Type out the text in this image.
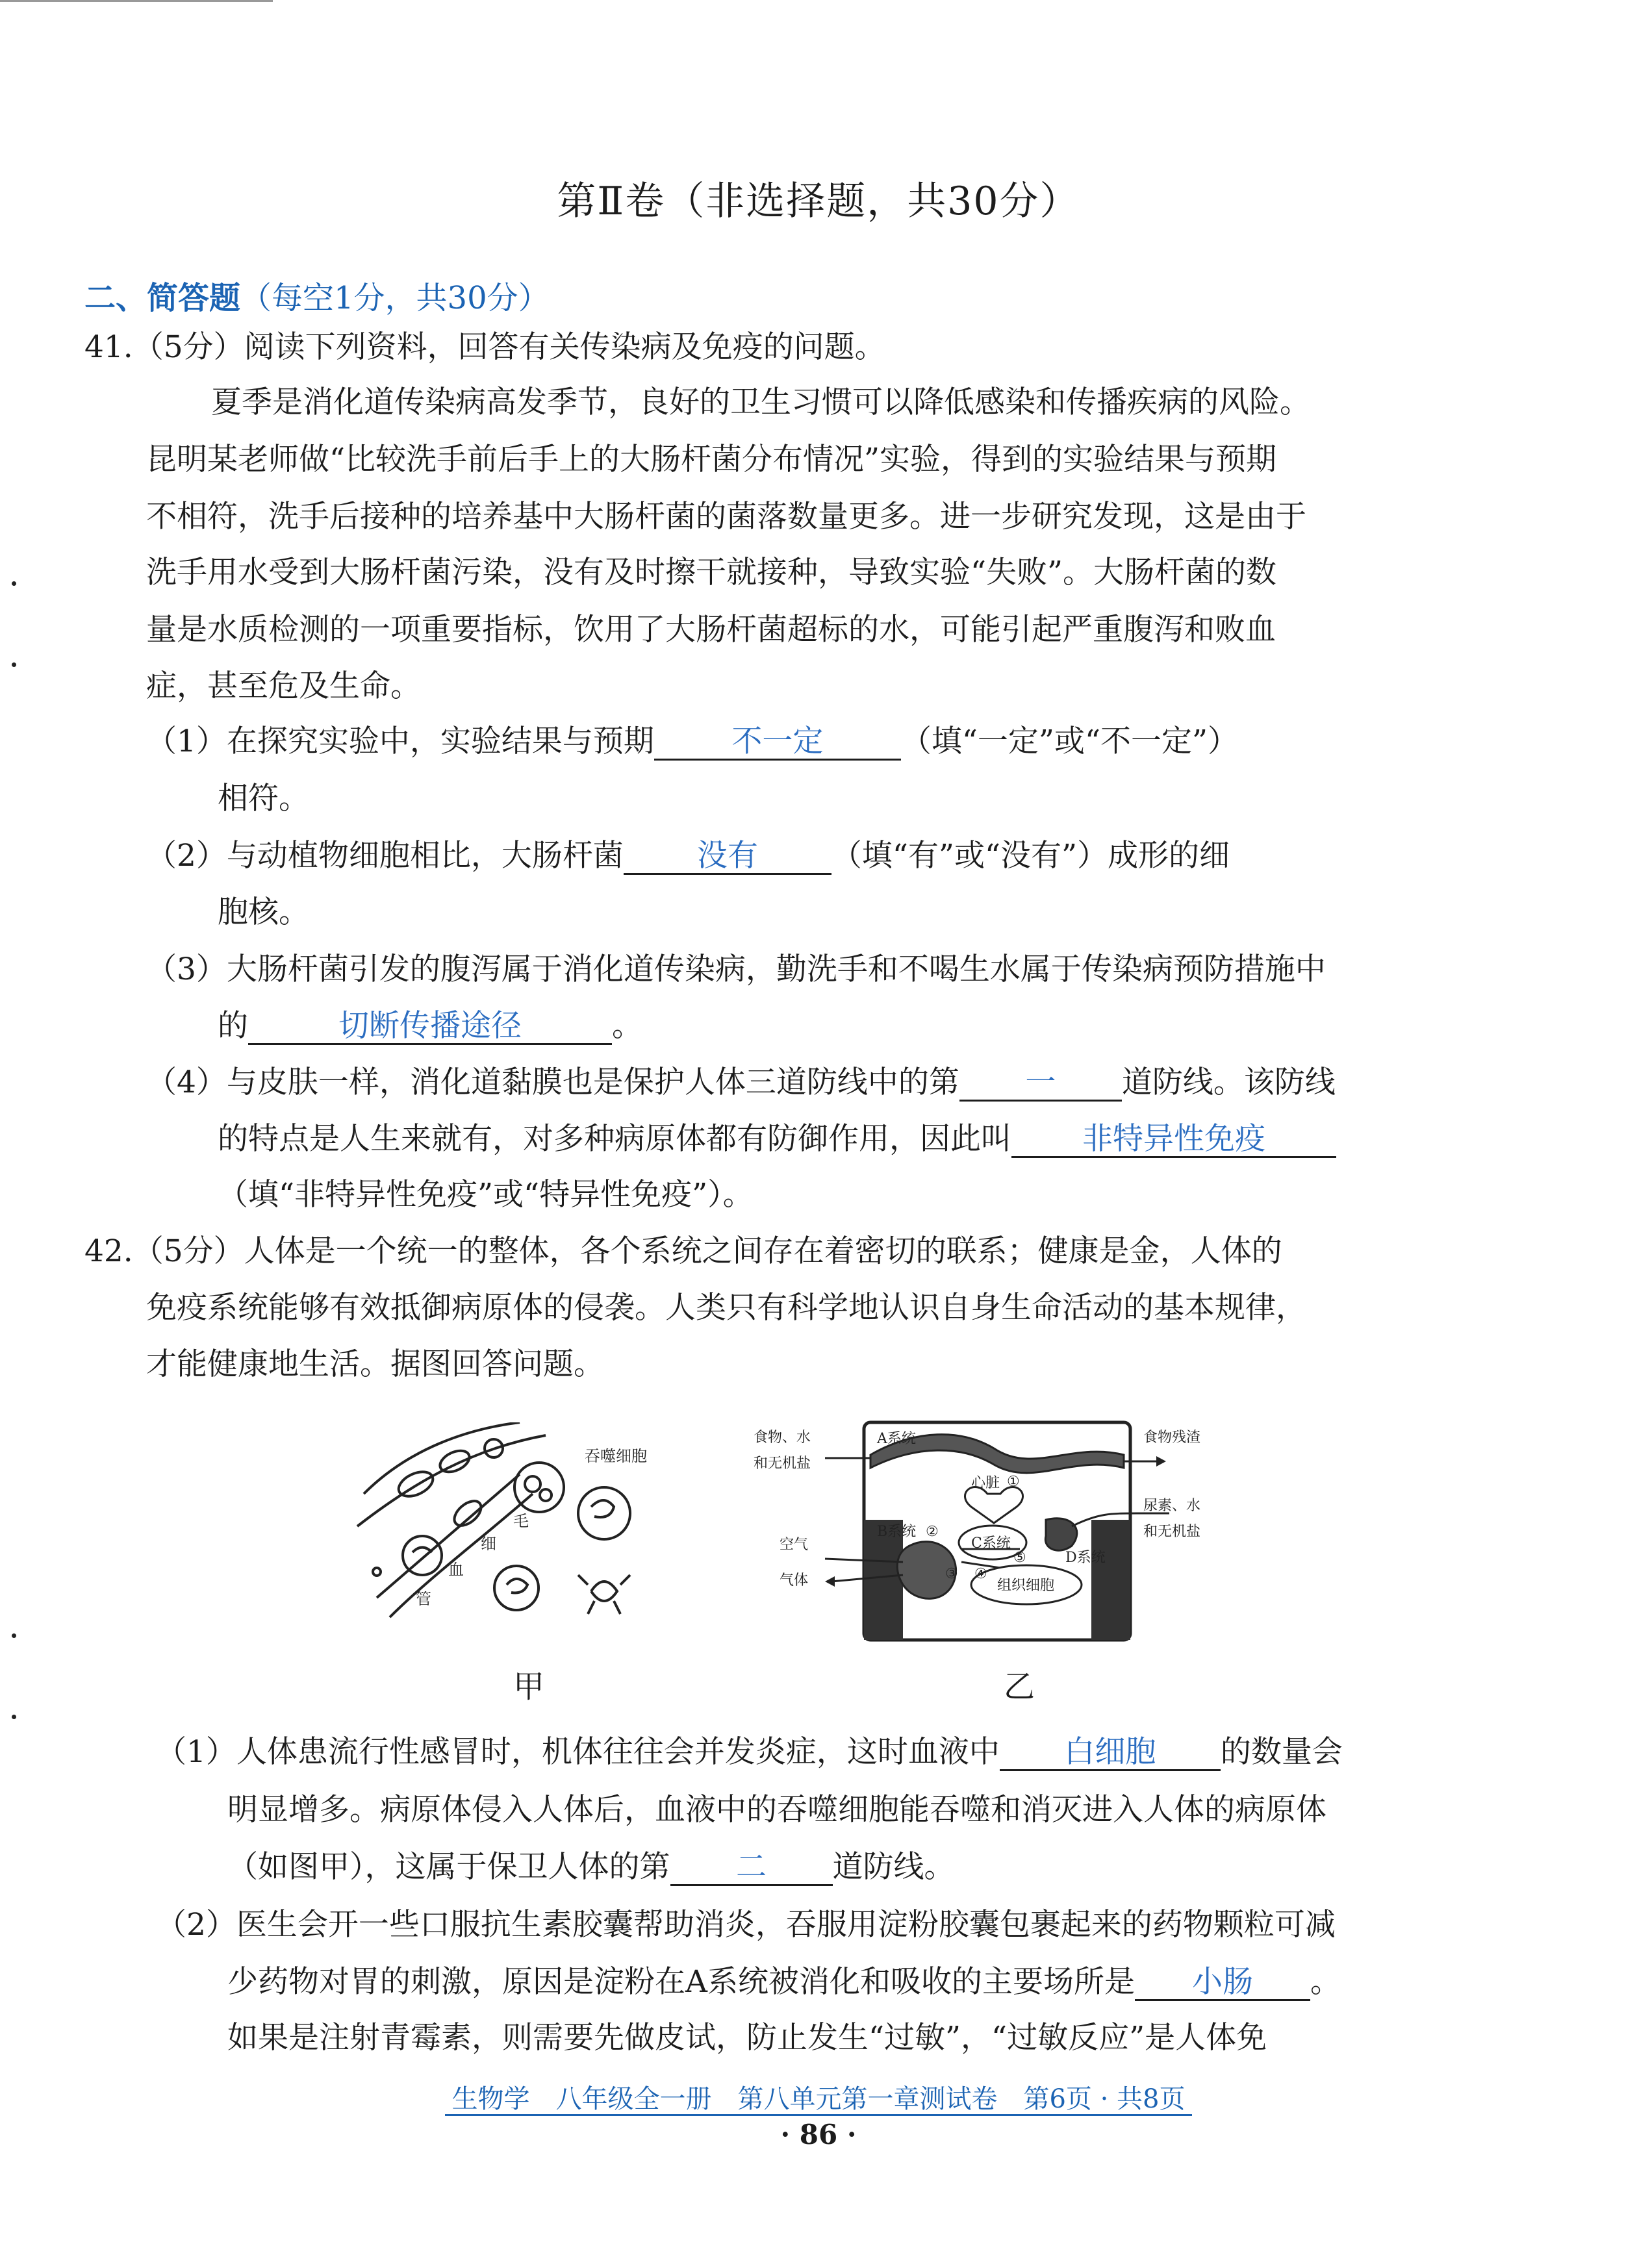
第Ⅱ卷（非选择题，共30分）
二、简答题（每空1分，共30分）
41.（5分）阅读下列资料，回答有关传染病及免疫的问题。
夏季是消化道传染病高发季节，良好的卫生习惯可以降低感染和传播疾病的风险。
昆明某老师做“比较洗手前后手上的大肠杆菌分布情况”实验，得到的实验结果与预期
不相符，洗手后接种的培养基中大肠杆菌的菌落数量更多。进一步研究发现，这是由于
洗手用水受到大肠杆菌污染，没有及时擦干就接种，导致实验“失败”。大肠杆菌的数
量是水质检测的一项重要指标，饮用了大肠杆菌超标的水，可能引起严重腹泻和败血
症，甚至危及生命。
（1）在探究实验中，实验结果与预期	不一定	（填“一定”或“不一定”）
相符。
（2）与动植物细胞相比，大肠杆菌 没有 （填“有”或“没有”）成形的细
胞核。
（3）大肠杆菌引发的腹泻属于消化道传染病，勤洗手和不喝生水属于传染病预防措施中
的	切断传播途径	。
（4）与皮肤一样，消化道黏膜也是保护人体三道防线中的第 一 道防线。该防线
的特点是人生来就有，对多种病原体都有防御作用，因此叫 非特异性免疫
（填“非特异性免疫”或“特异性免疫”）。
42.（5分）人体是一个统一的整体，各个系统之间存在着密切的联系；健康是金，人体的
免疫系统能够有效抵御病原体的侵袭。人类只有科学地认识自身生命活动的基本规律，
才能健康地生活。据图回答问题。
吞噬细胞
毛
细
血
管
甲
食物、水
和无机盐
A系统	食物残渣
心脏 ①
尿素、水
和无机盐
B系统 ②
C系统
D系统
⑤
③ ④
空气
气体	组织细胞
乙
（1）人体患流行性感冒时，机体往往会并发炎症，这时血液中 白细胞 的数量会
明显增多。病原体侵入人体后，血液中的吞噬细胞能吞噬和消灭进入人体的病原体
（如图甲），这属于保卫人体的第 二 道防线。
（2）医生会开一些口服抗生素胶囊帮助消炎，吞服用淀粉胶囊包裹起来的药物颗粒可减
少药物对胃的刺激，原因是淀粉在A系统被消化和吸收的主要场所是 小肠 。
如果是注射青霉素，则需要先做皮试，防止发生“过敏”，“过敏反应”是人体免
生物学　八年级全一册　第八单元第一章测试卷　第6页 · 共8页
· 86 ·
